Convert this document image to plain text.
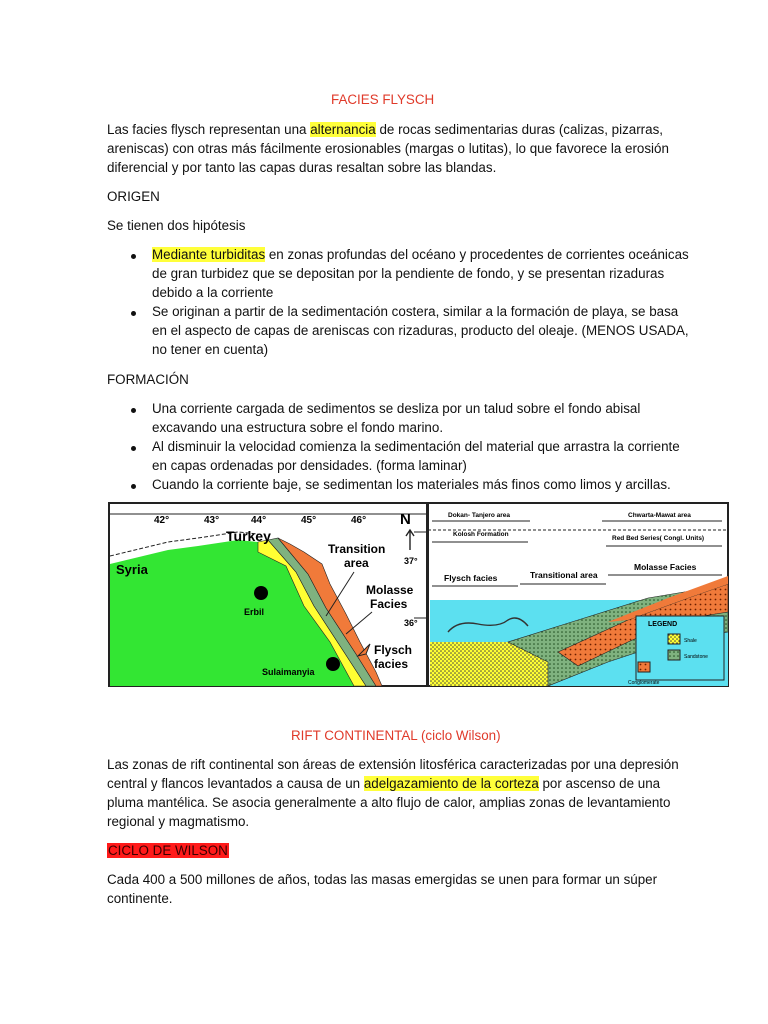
FACIES FLYSCH
Las facies flysch representan una alternancia de rocas sedimentarias duras (calizas, pizarras,
areniscas) con otras más fácilmente erosionables (margas o lutitas), lo que favorece la erosión
diferencial y por tanto las capas duras resaltan sobre las blandas.
ORIGEN
Se tienen dos hipótesis
Mediante turbiditas en zonas profundas del océano y procedentes de corrientes oceánicas
de gran turbidez que se depositan por la pendiente de fondo, y se presentan rizaduras
debido a la corriente
Se originan a partir de la sedimentación costera, similar a la formación de playa, se basa
en el aspecto de capas de areniscas con rizaduras, producto del oleaje. (MENOS USADA,
no tener en cuenta)
FORMACIÓN
Una corriente cargada de sedimentos se desliza por un talud sobre el fondo abisal
excavando una estructura sobre el fondo marino.
Al disminuir la velocidad comienza la sedimentación del material que arrastra la corriente
en capas ordenadas por densidades. (forma laminar)
Cuando la corriente baje, se sedimentan los materiales más finos como limos y arcillas.
42°	43°	44°	45°	46°
37°
36°
N
Turkey
Syria
Erbil
Sulaimanyia
Transition
area
Molasse
Facies
Flysch
facies
Dokan- Tanjero area	Chwarta-Mawat area
Kolosh Formation
Red Bed Series( Congl. Units)
Flysch facies	Transitional area
Molasse Facies
LEGEND
Shale
Sandstone
Conglomerate
RIFT CONTINENTAL (ciclo Wilson)
Las zonas de rift continental son áreas de extensión litosférica caracterizadas por una depresión
central y flancos levantados a causa de un adelgazamiento de la corteza por ascenso de una
pluma mantélica. Se asocia generalmente a alto flujo de calor, amplias zonas de levantamiento
regional y magmatismo.
CICLO DE WILSON
Cada 400 a 500 millones de años, todas las masas emergidas se unen para formar un súper
continente.
